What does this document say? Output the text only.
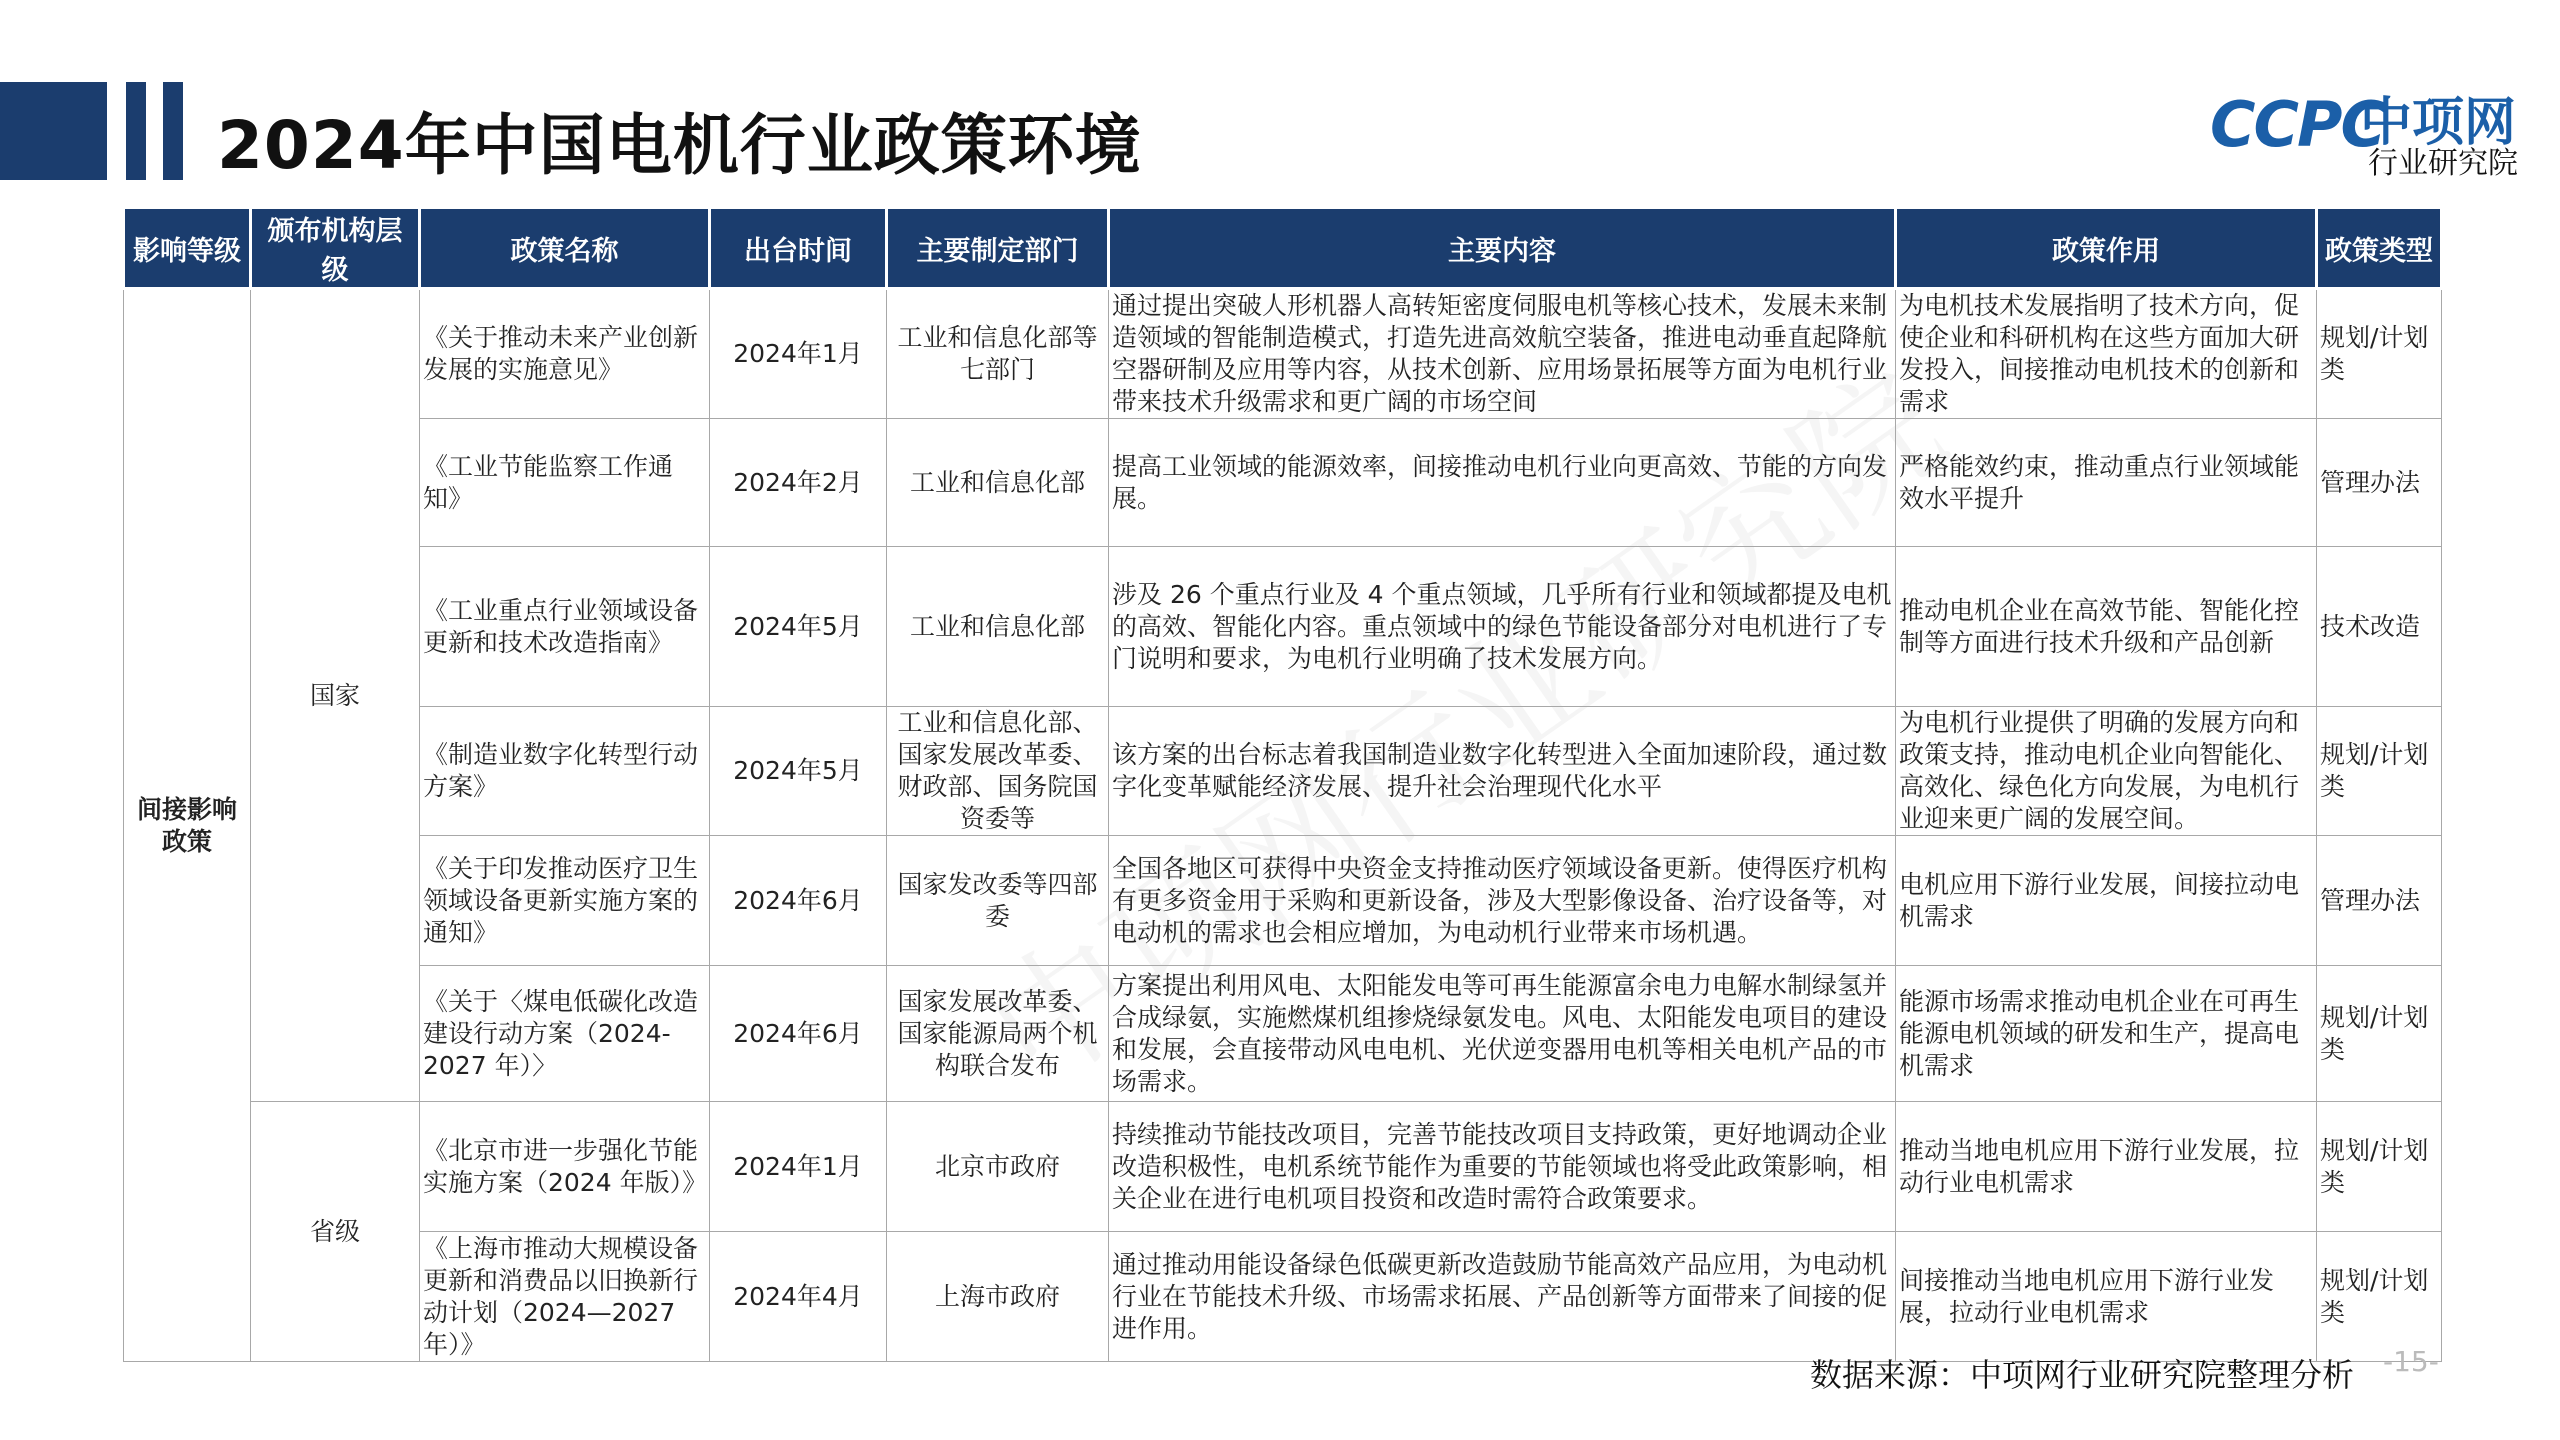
2024年中国电机行业政策环境	CCPC
中项网
行业研究院
影响等级	颁布机构层级	政策名称	出台时间	主要制定部门	主要内容	政策作用	政策类型
间接影响政策	国家	《关于推动未来产业创新发展的实施意见》	2024年1月	工业和信息化部等七部门	通过提出突破人形机器人高转矩密度伺服电机等核心技术，发展未来制造领域的智能制造模式，打造先进高效航空装备，推进电动垂直起降航空器研制及应用等内容，从技术创新、应用场景拓展等方面为电机行业带来技术升级需求和更广阔的市场空间	为电机技术发展指明了技术方向，促使企业和科研机构在这些方面加大研发投入，间接推动电机技术的创新和需求	规划/计划类
		《工业节能监察工作通知》	2024年2月	工业和信息化部	提高工业领域的能源效率，间接推动电机行业向更高效、节能的方向发展。	严格能效约束，推动重点行业领域能效水平提升	管理办法
		《工业重点行业领域设备更新和技术改造指南》	2024年5月	工业和信息化部	涉及 26 个重点行业及 4 个重点领域，几乎所有行业和领域都提及电机的高效、智能化内容。重点领域中的绿色节能设备部分对电机进行了专门说明和要求，为电机行业明确了技术发展方向。	推动电机企业在高效节能、智能化控制等方面进行技术升级和产品创新	技术改造
		《制造业数字化转型行动方案》	2024年5月	工业和信息化部、国家发展改革委、财政部、国务院国资委等	该方案的出台标志着我国制造业数字化转型进入全面加速阶段，通过数字化变革赋能经济发展、提升社会治理现代化水平	为电机行业提供了明确的发展方向和政策支持，推动电机企业向智能化、高效化、绿色化方向发展，为电机行业迎来更广阔的发展空间。	规划/计划类
		《关于印发推动医疗卫生领域设备更新实施方案的通知》	2024年6月	国家发改委等四部委	全国各地区可获得中央资金支持推动医疗领域设备更新。使得医疗机构有更多资金用于采购和更新设备，涉及大型影像设备、治疗设备等，对电动机的需求也会相应增加，为电动机行业带来市场机遇。	电机应用下游行业发展，间接拉动电机需求	管理办法
		《关于〈煤电低碳化改造建设行动方案（2024-2027 年）〉	2024年6月	国家发展改革委、国家能源局两个机构联合发布	方案提出利用风电、太阳能发电等可再生能源富余电力电解水制绿氢并合成绿氨，实施燃煤机组掺烧绿氨发电。风电、太阳能发电项目的建设和发展，会直接带动风电电机、光伏逆变器用电机等相关电机产品的市场需求。	能源市场需求推动电机企业在可再生能源电机领域的研发和生产，提高电机需求	规划/计划类
	省级	《北京市进一步强化节能实施方案（2024 年版）》	2024年1月	北京市政府	持续推动节能技改项目，完善节能技改项目支持政策，更好地调动企业改造积极性，电机系统节能作为重要的节能领域也将受此政策影响，相关企业在进行电机项目投资和改造时需符合政策要求。	推动当地电机应用下游行业发展，拉动行业电机需求	规划/计划类
		《上海市推动大规模设备更新和消费品以旧换新行动计划（2024—2027 年）》	2024年4月	上海市政府	通过推动用能设备绿色低碳更新改造鼓励节能高效产品应用，为电动机行业在节能技术升级、市场需求拓展、产品创新等方面带来了间接的促进作用。	间接推动当地电机应用下游行业发展，拉动行业电机需求	规划/计划类
数据来源：中项网行业研究院整理分析 -15-
